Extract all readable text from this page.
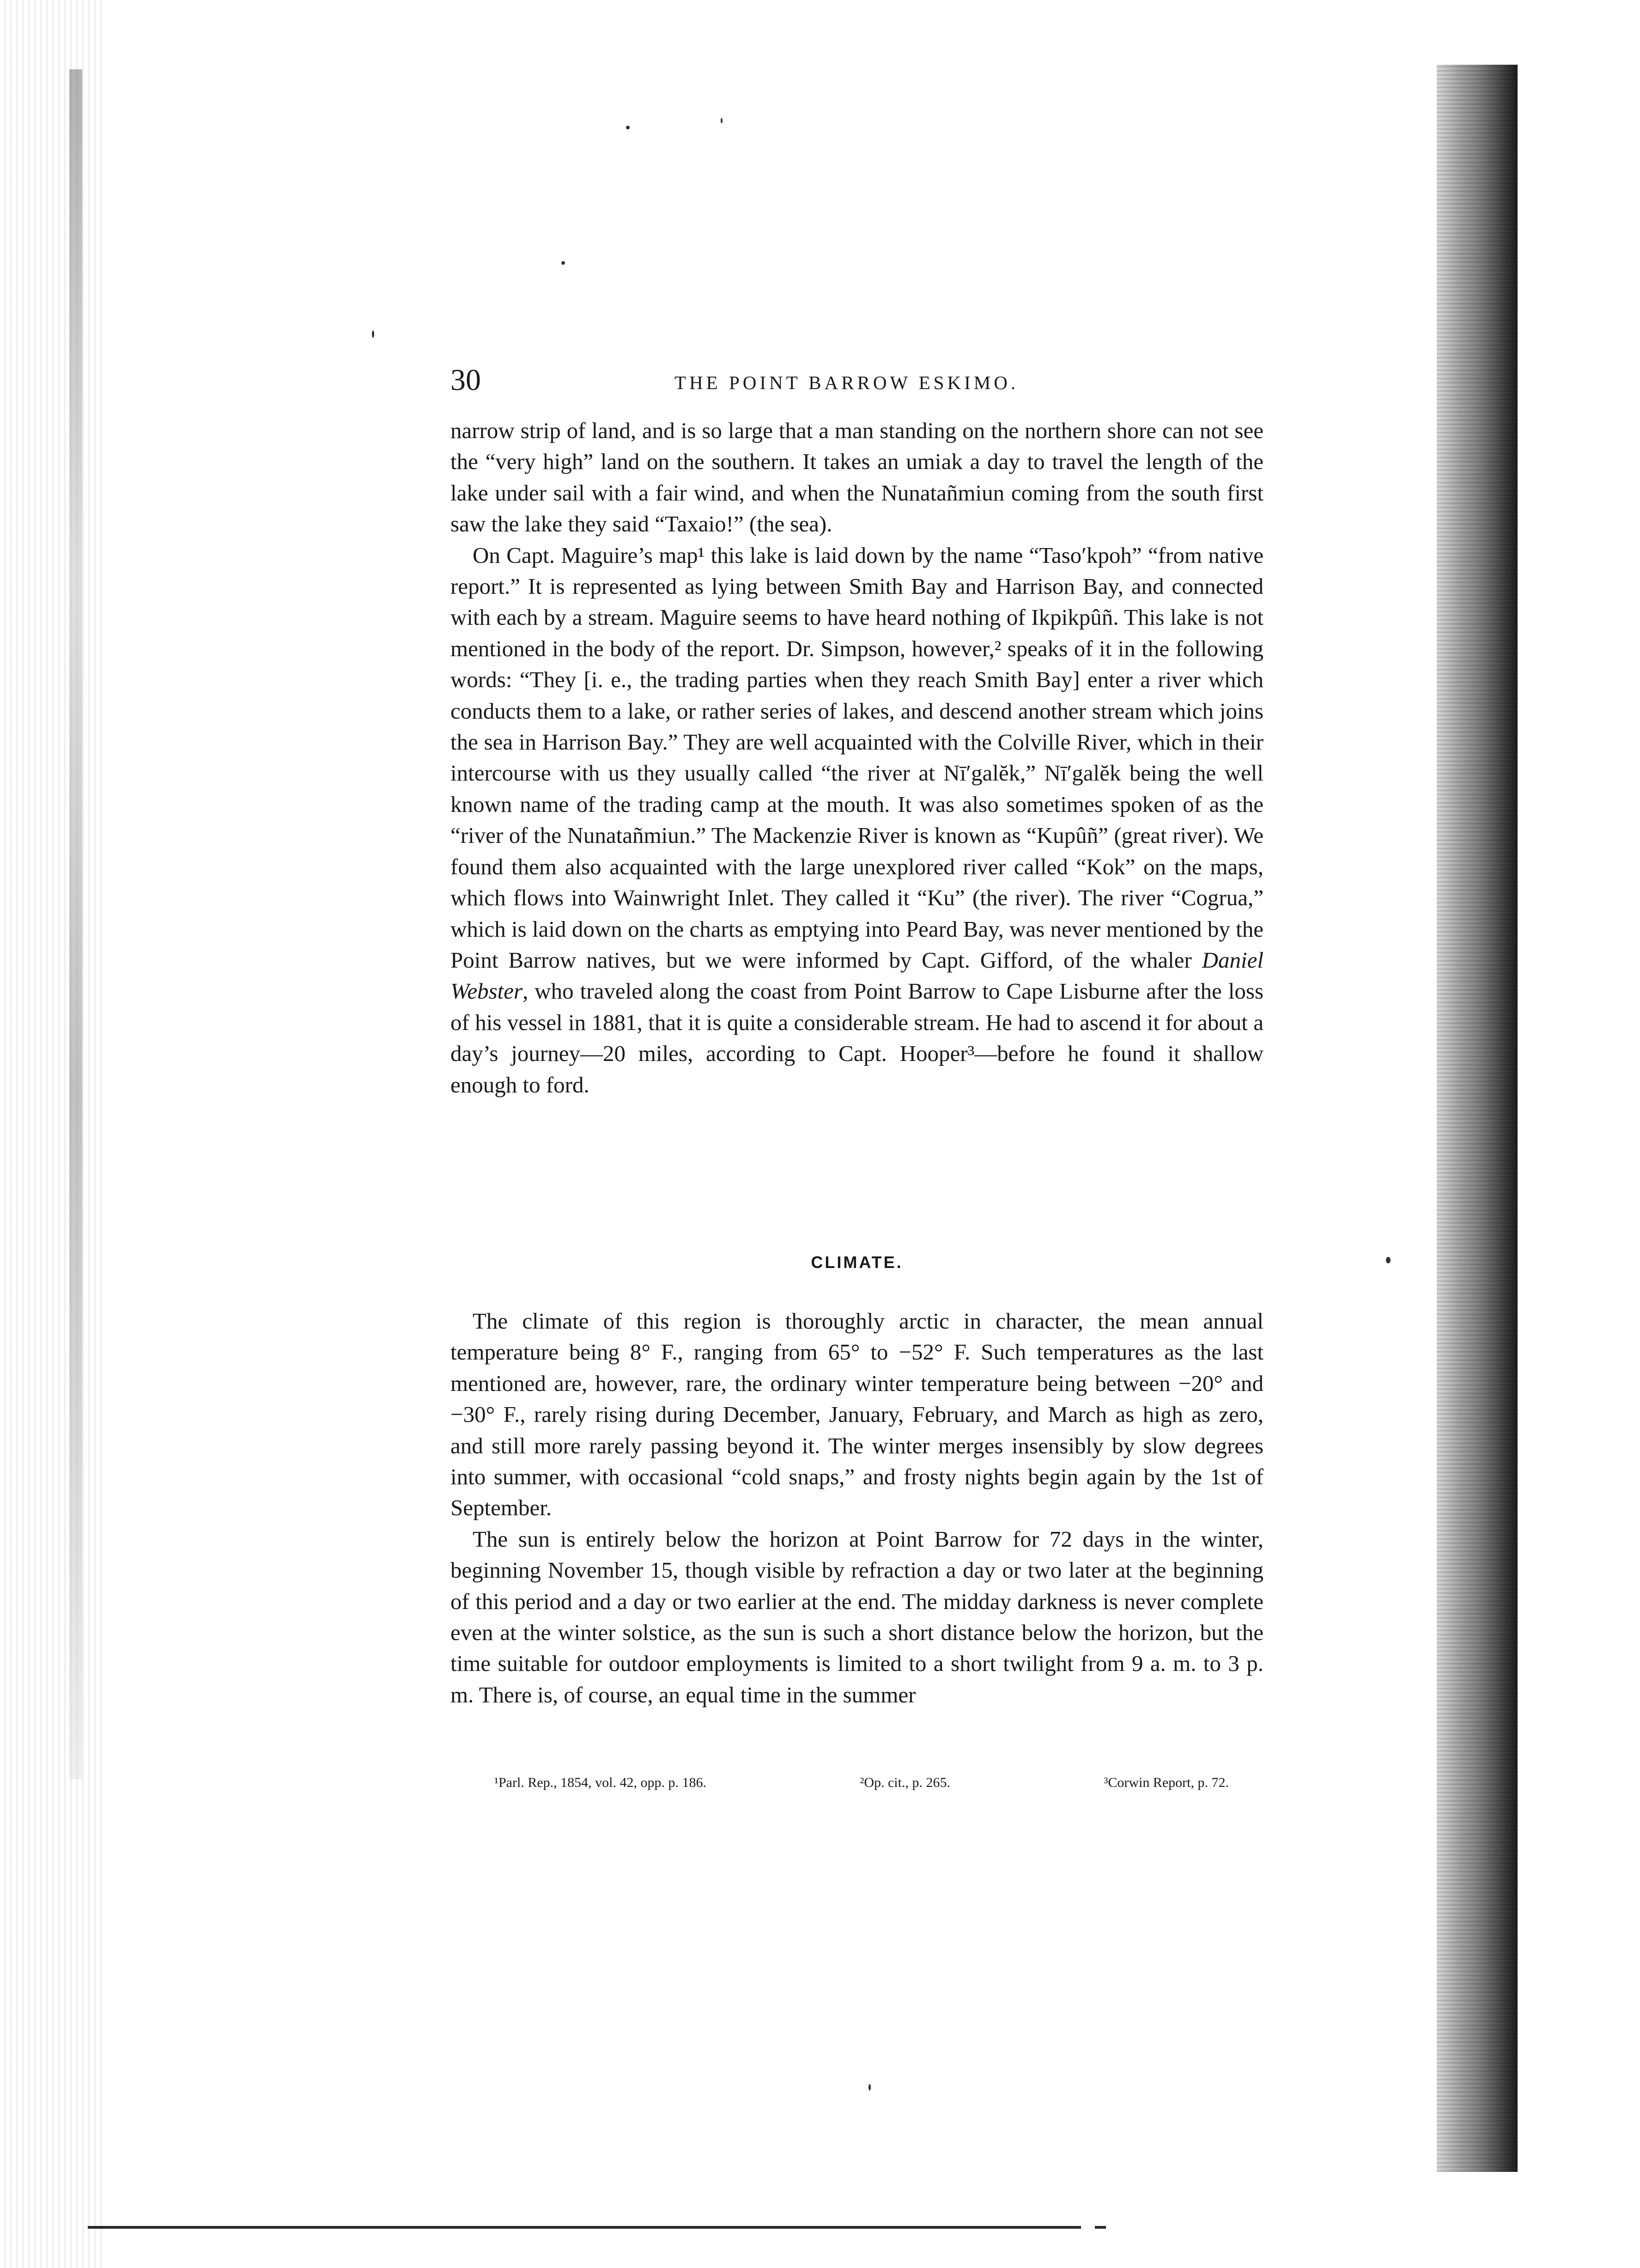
30	THE POINT BARROW ESKIMO.

narrow strip of land, and is so large that a man standing on the northern shore can not see the “very high” land on the southern. It takes an umiak a day to travel the length of the lake under sail with a fair wind, and when the Nunatañmiun coming from the south first saw the lake they said “Taxaio!” (the sea).

On Capt. Maguire’s map¹ this lake is laid down by the name “Taso′kpoh” “from native report.” It is represented as lying between Smith Bay and Harrison Bay, and connected with each by a stream. Maguire seems to have heard nothing of Ikpikpûñ. This lake is not mentioned in the body of the report. Dr. Simpson, however,² speaks of it in the following words: “They [i. e., the trading parties when they reach Smith Bay] enter a river which conducts them to a lake, or rather series of lakes, and descend another stream which joins the sea in Harrison Bay.” They are well acquainted with the Colville River, which in their intercourse with us they usually called “the river at Nī′galĕk,” Nī′galĕk being the well known name of the trading camp at the mouth. It was also sometimes spoken of as the “river of the Nunatañmiun.” The Mackenzie River is known as “Kupûñ” (great river). We found them also acquainted with the large unexplored river called “Kok” on the maps, which flows into Wainwright Inlet. They called it “Ku” (the river). The river “Cogrua,” which is laid down on the charts as emptying into Peard Bay, was never mentioned by the Point Barrow natives, but we were informed by Capt. Gifford, of the whaler Daniel Webster, who traveled along the coast from Point Barrow to Cape Lisburne after the loss of his vessel in 1881, that it is quite a considerable stream. He had to ascend it for about a day’s journey—20 miles, according to Capt. Hooper³—before he found it shallow enough to ford.

CLIMATE.

The climate of this region is thoroughly arctic in character, the mean annual temperature being 8° F., ranging from 65° to −52° F. Such temperatures as the last mentioned are, however, rare, the ordinary winter temperature being between −20° and −30° F., rarely rising during December, January, February, and March as high as zero, and still more rarely passing beyond it. The winter merges insensibly by slow degrees into summer, with occasional “cold snaps,” and frosty nights begin again by the 1st of September.

The sun is entirely below the horizon at Point Barrow for 72 days in the winter, beginning November 15, though visible by refraction a day or two later at the beginning of this period and a day or two earlier at the end. The midday darkness is never complete even at the winter solstice, as the sun is such a short distance below the horizon, but the time suitable for outdoor employments is limited to a short twilight from 9 a. m. to 3 p. m. There is, of course, an equal time in the summer

¹Parl. Rep., 1854, vol. 42, opp. p. 186.	²Op. cit., p. 265.	³Corwin Report, p. 72.
